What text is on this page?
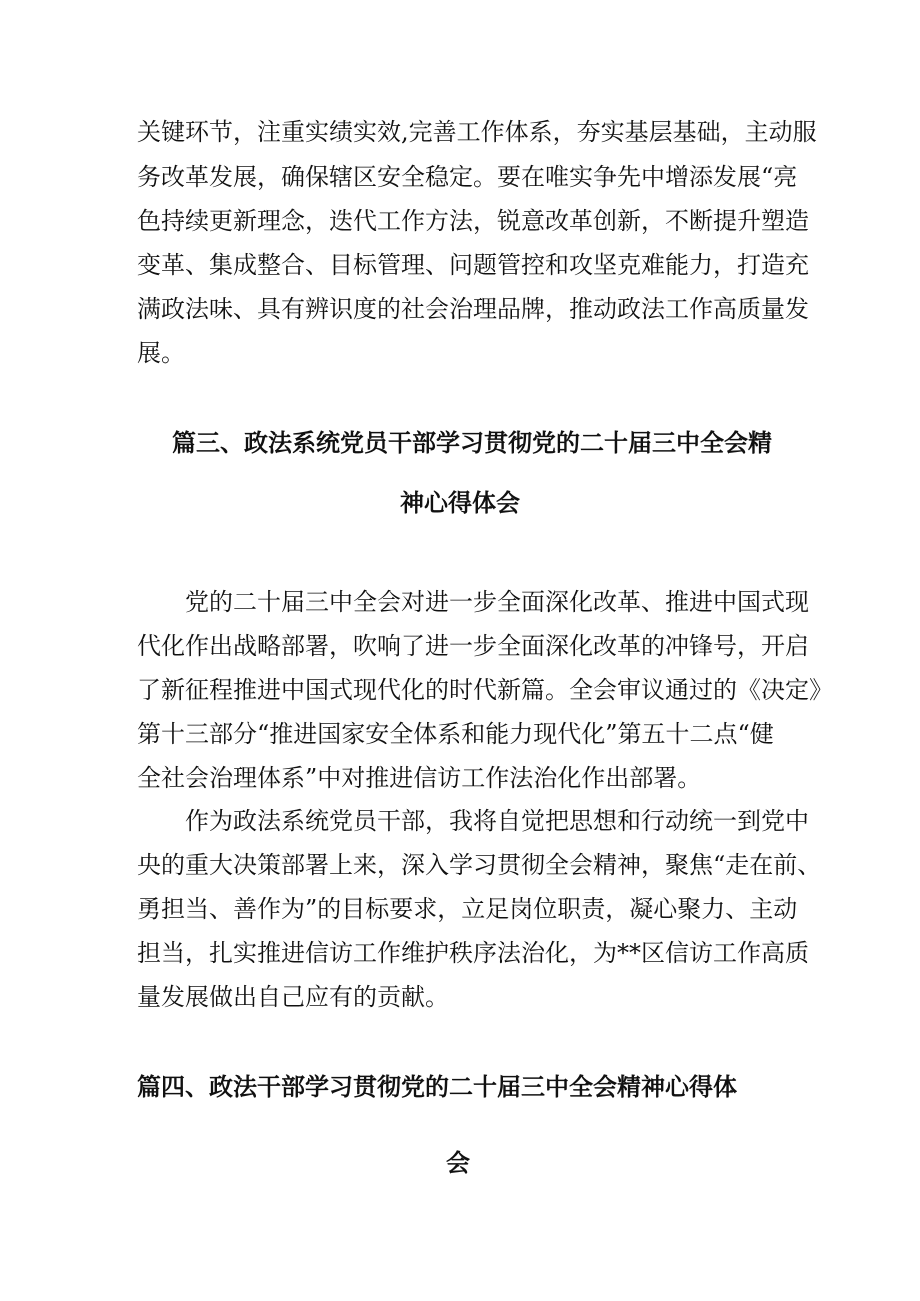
关键环节，注重实绩实效,完善工作体系，夯实基层基础，主动服
务改革发展，确保辖区安全稳定。要在唯实争先中增添发展“亮
色持续更新理念，迭代工作方法，锐意改革创新，不断提升塑造
变革、集成整合、目标管理、问题管控和攻坚克难能力，打造充
满政法味、具有辨识度的社会治理品牌，推动政法工作高质量发
展。
篇三、政法系统党员干部学习贯彻党的二十届三中全会精
神心得体会
党的二十届三中全会对进一步全面深化改革、推进中国式现
代化作出战略部署，吹响了进一步全面深化改革的冲锋号，开启
了新征程推进中国式现代化的时代新篇。全会审议通过的《决定》
第十三部分“推进国家安全体系和能力现代化”第五十二点“健
全社会治理体系”中对推进信访工作法治化作出部署。
作为政法系统党员干部，我将自觉把思想和行动统一到党中
央的重大决策部署上来，深入学习贯彻全会精神，聚焦“走在前、
勇担当、善作为”的目标要求，立足岗位职责，凝心聚力、主动
担当，扎实推进信访工作维护秩序法治化，为**区信访工作高质
量发展做出自己应有的贡献。
篇四、政法干部学习贯彻党的二十届三中全会精神心得体
会
